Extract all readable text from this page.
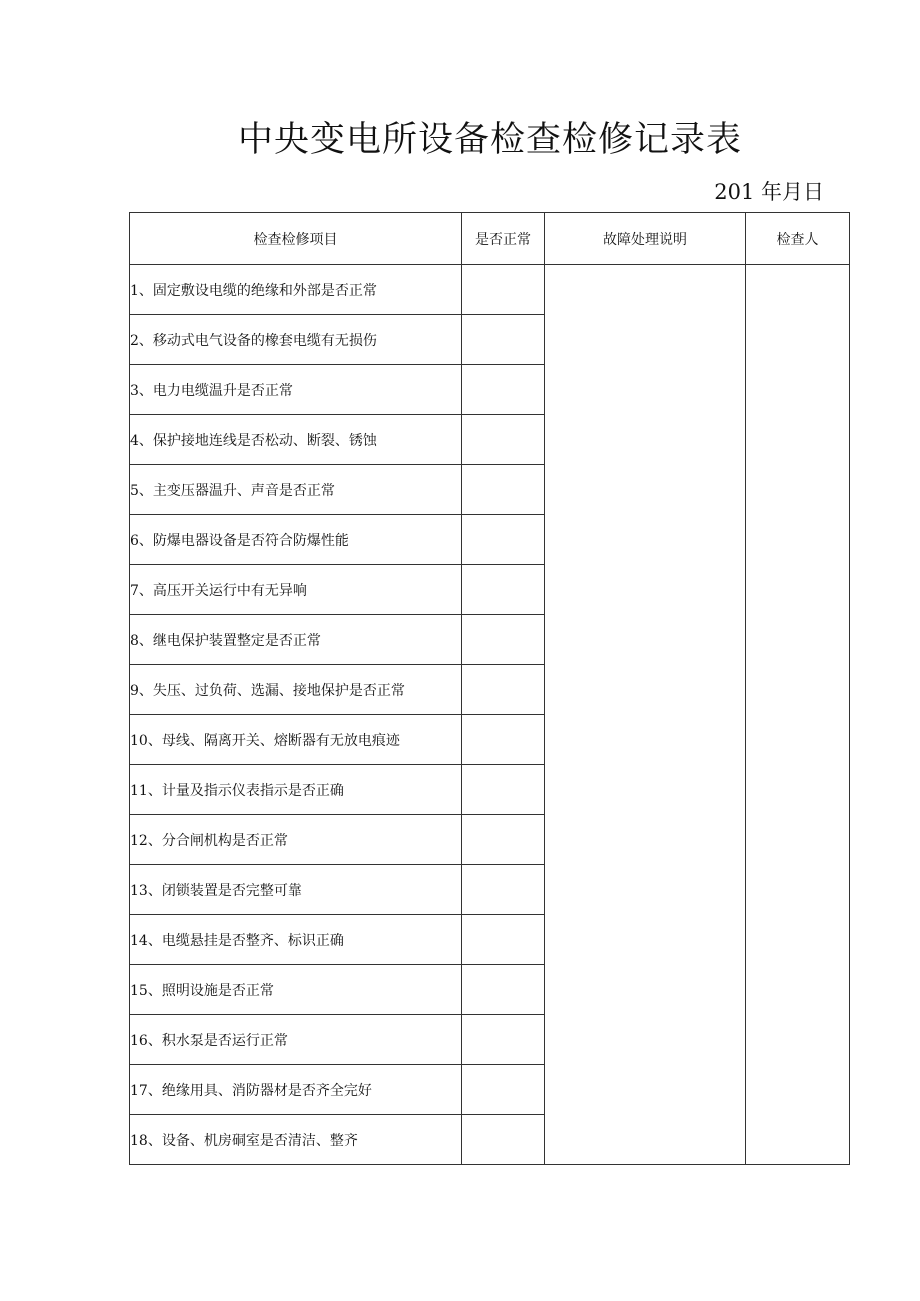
中央变电所设备检查检修记录表
201 年月日
检查检修项目	是否正常	故障处理说明	检查人
1、固定敷设电缆的绝缘和外部是否正常			
2、移动式电气设备的橡套电缆有无损伤			
3、电力电缆温升是否正常			
4、保护接地连线是否松动、断裂、锈蚀			
5、主变压器温升、声音是否正常			
6、防爆电器设备是否符合防爆性能			
7、高压开关运行中有无异响			
8、继电保护装置整定是否正常			
9、失压、过负荷、选漏、接地保护是否正常			
10、母线、隔离开关、熔断器有无放电痕迹			
11、计量及指示仪表指示是否正确			
12、分合闸机构是否正常			
13、闭锁装置是否完整可靠			
14、电缆悬挂是否整齐、标识正确			
15、照明设施是否正常			
16、积水泵是否运行正常			
17、绝缘用具、消防器材是否齐全完好			
18、设备、机房硐室是否清洁、整齐			
